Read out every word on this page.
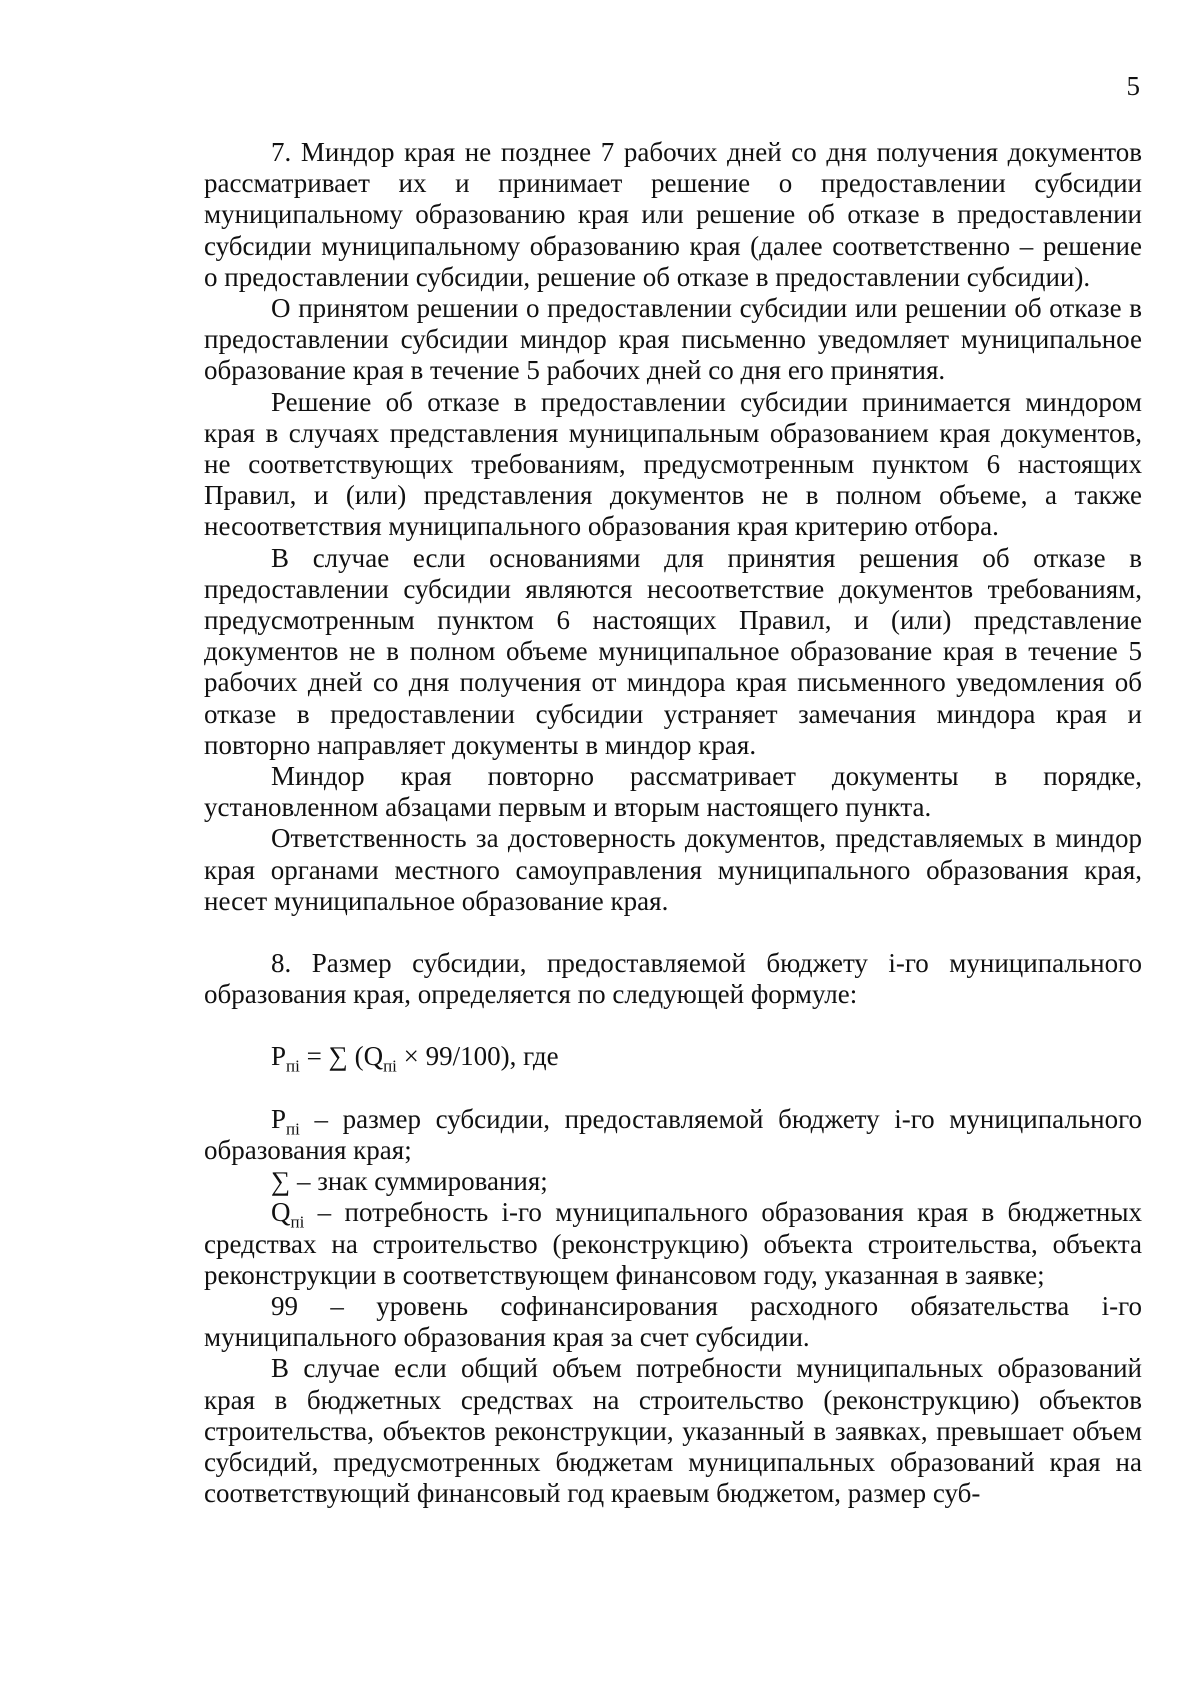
5

7. Миндор края не позднее 7 рабочих дней со дня получения документов рассматривает их и принимает решение о предоставлении субсидии муниципальному образованию края или решение об отказе в предоставлении субсидии муниципальному образованию края (далее соответственно – решение о предоставлении субсидии, решение об отказе в предоставлении субсидии).

О принятом решении о предоставлении субсидии или решении об отказе в предоставлении субсидии миндор края письменно уведомляет муниципальное образование края в течение 5 рабочих дней со дня его принятия.

Решение об отказе в предоставлении субсидии принимается миндором края в случаях представления муниципальным образованием края документов, не соответствующих требованиям, предусмотренным пунктом 6 настоящих Правил, и (или) представления документов не в полном объеме, а также несоответствия муниципального образования края критерию отбора.

В случае если основаниями для принятия решения об отказе в предоставлении субсидии являются несоответствие документов требованиям, предусмотренным пунктом 6 настоящих Правил, и (или) представление документов не в полном объеме муниципальное образование края в течение 5 рабочих дней со дня получения от миндора края письменного уведомления об отказе в предоставлении субсидии устраняет замечания миндора края и повторно направляет документы в миндор края.

Миндор края повторно рассматривает документы в порядке, установленном абзацами первым и вторым настоящего пункта.

Ответственность за достоверность документов, представляемых в миндор края органами местного самоуправления муниципального образования края, несет муниципальное образование края.

8. Размер субсидии, предоставляемой бюджету i-го муниципального образования края, определяется по следующей формуле:

$P_{пi}$ = ∑ $(Q_{пi} \times 99/100)$, где

$P_{пi}$ – размер субсидии, предоставляемой бюджету i-го муниципального образования края;

∑ – знак суммирования;

$Q_{пi}$ – потребность i-го муниципального образования края в бюджетных средствах на строительство (реконструкцию) объекта строительства, объекта реконструкции в соответствующем финансовом году, указанная в заявке;

99 – уровень софинансирования расходного обязательства i-го муниципального образования края за счет субсидии.

В случае если общий объем потребности муниципальных образований края в бюджетных средствах на строительство (реконструкцию) объектов строительства, объектов реконструкции, указанный в заявках, превышает объем субсидий, предусмотренных бюджетам муниципальных образований края на соответствующий финансовый год краевым бюджетом, размер суб-
